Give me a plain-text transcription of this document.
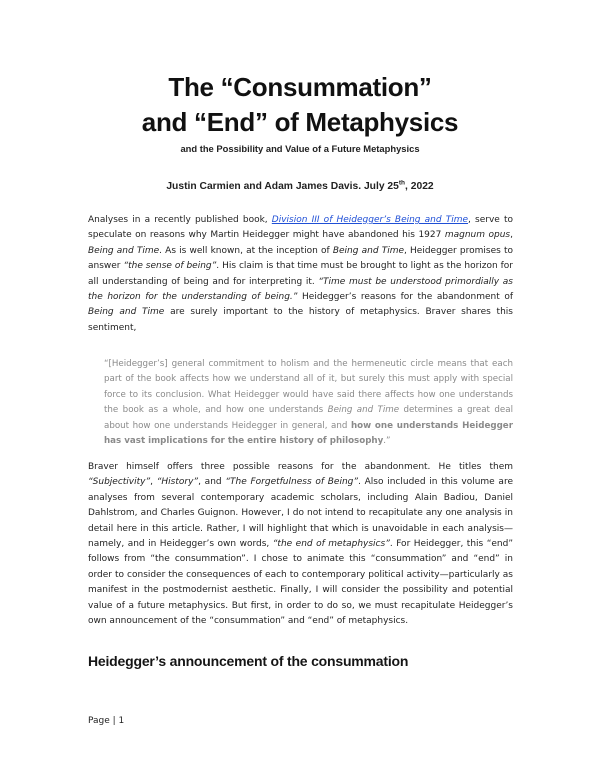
The “Consummation”
and “End” of Metaphysics
and the Possibility and Value of a Future Metaphysics
Justin Carmien and Adam James Davis. July 25th, 2022
Analyses in a recently published book, Division III of Heidegger’s Being and Time, serve to speculate on reasons why Martin Heidegger might have abandoned his 1927 magnum opus, Being and Time. As is well known, at the inception of Being and Time, Heidegger promises to answer “the sense of being”. His claim is that time must be brought to light as the horizon for all understanding of being and for interpreting it. “Time must be understood primordially as the horizon for the understanding of being.” Heidegger’s reasons for the abandonment of Being and Time are surely important to the history of metaphysics. Braver shares this sentiment,
“[Heidegger’s] general commitment to holism and the hermeneutic circle means that each part of the book affects how we understand all of it, but surely this must apply with special force to its conclusion. What Heidegger would have said there affects how one understands the book as a whole, and how one understands Being and Time determines a great deal about how one understands Heidegger in general, and how one understands Heidegger has vast implications for the entire history of philosophy.”
Braver himself offers three possible reasons for the abandonment. He titles them “Subjectivity”, “History”, and “The Forgetfulness of Being”. Also included in this volume are analyses from several contemporary academic scholars, including Alain Badiou, Daniel Dahlstrom, and Charles Guignon. However, I do not intend to recapitulate any one analysis in detail here in this article. Rather, I will highlight that which is unavoidable in each analysis—namely, and in Heidegger’s own words, “the end of metaphysics”. For Heidegger, this “end” follows from “the consummation”. I chose to animate this “consummation” and “end” in order to consider the consequences of each to contemporary political activity—particularly as manifest in the postmodernist aesthetic. Finally, I will consider the possibility and potential value of a future metaphysics. But first, in order to do so, we must recapitulate Heidegger’s own announcement of the “consummation” and “end” of metaphysics.
Heidegger’s announcement of the consummation
Page | 1
